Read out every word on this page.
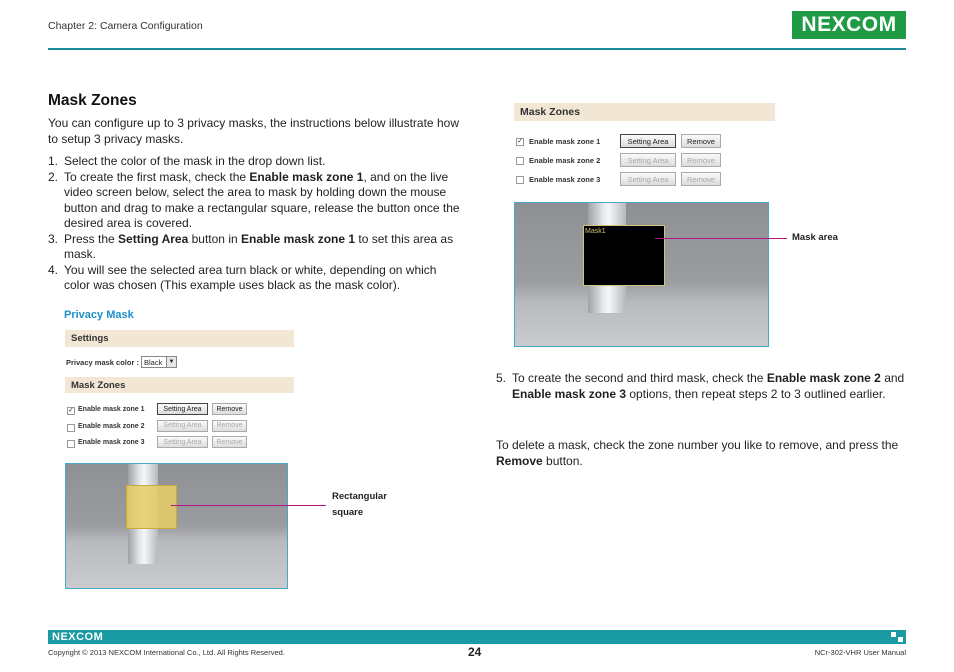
Chapter 2: Camera Configuration	NEXCOM
Mask Zones
You can configure up to 3 privacy masks, the instructions below illustrate how to setup 3 privacy masks.
1. Select the color of the mask in the drop down list.
2. To create the first mask, check the Enable mask zone 1, and on the live video screen below, select the area to mask by holding down the mouse button and drag to make a rectangular square, release the button once the desired area is covered.
3. Press the Setting Area button in Enable mask zone 1 to set this area as mask.
4. You will see the selected area turn black or white, depending on which color was chosen (This example uses black as the mask color).
Privacy Mask
Settings
Privacy mask color : Black	▼
Mask Zones
✓ Enable mask zone 1	Setting Area	Remove
Enable mask zone 2	Setting Area	Remove
Enable mask zone 3	Setting Area	Remove
Rectangular
square
Mask Zones
✓ Enable mask zone 1	Setting Area	Remove
Enable mask zone 2	Setting Area	Remove
Enable mask zone 3	Setting Area	Remove
Mask1
Mask area
5. To create the second and third mask, check the Enable mask zone 2 and Enable mask zone 3 options, then repeat steps 2 to 3 outlined earlier.
To delete a mask, check the zone number you like to remove, and press the Remove button.
NEXCOM
Copyright © 2013 NEXCOM International Co., Ltd. All Rights Reserved.	24	NCr-302-VHR User Manual
